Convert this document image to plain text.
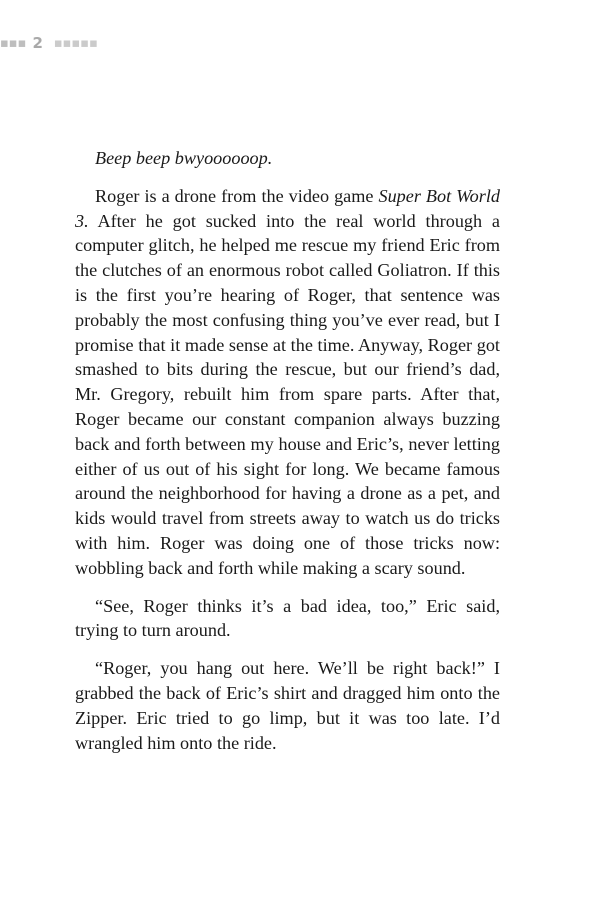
▪▪▪ 2 ▪▪▪▪▪

Beep beep bwyoooooop.

Roger is a drone from the video game Super Bot World 3. After he got sucked into the real world through a computer glitch, he helped me rescue my friend Eric from the clutches of an enormous robot called Goliatron. If this is the first you’re hearing of Roger, that sentence was probably the most confusing thing you’ve ever read, but I promise that it made sense at the time. Anyway, Roger got smashed to bits during the rescue, but our friend’s dad, Mr. Gregory, rebuilt him from spare parts. After that, Roger became our constant companion always buzzing back and forth between my house and Eric’s, never letting either of us out of his sight for long. We became famous around the neighborhood for having a drone as a pet, and kids would travel from streets away to watch us do tricks with him. Roger was doing one of those tricks now: wobbling back and forth while making a scary sound.

“See, Roger thinks it’s a bad idea, too,” Eric said, trying to turn around.

“Roger, you hang out here. We’ll be right back!” I grabbed the back of Eric’s shirt and dragged him onto the Zipper. Eric tried to go limp, but it was too late. I’d wrangled him onto the ride.
